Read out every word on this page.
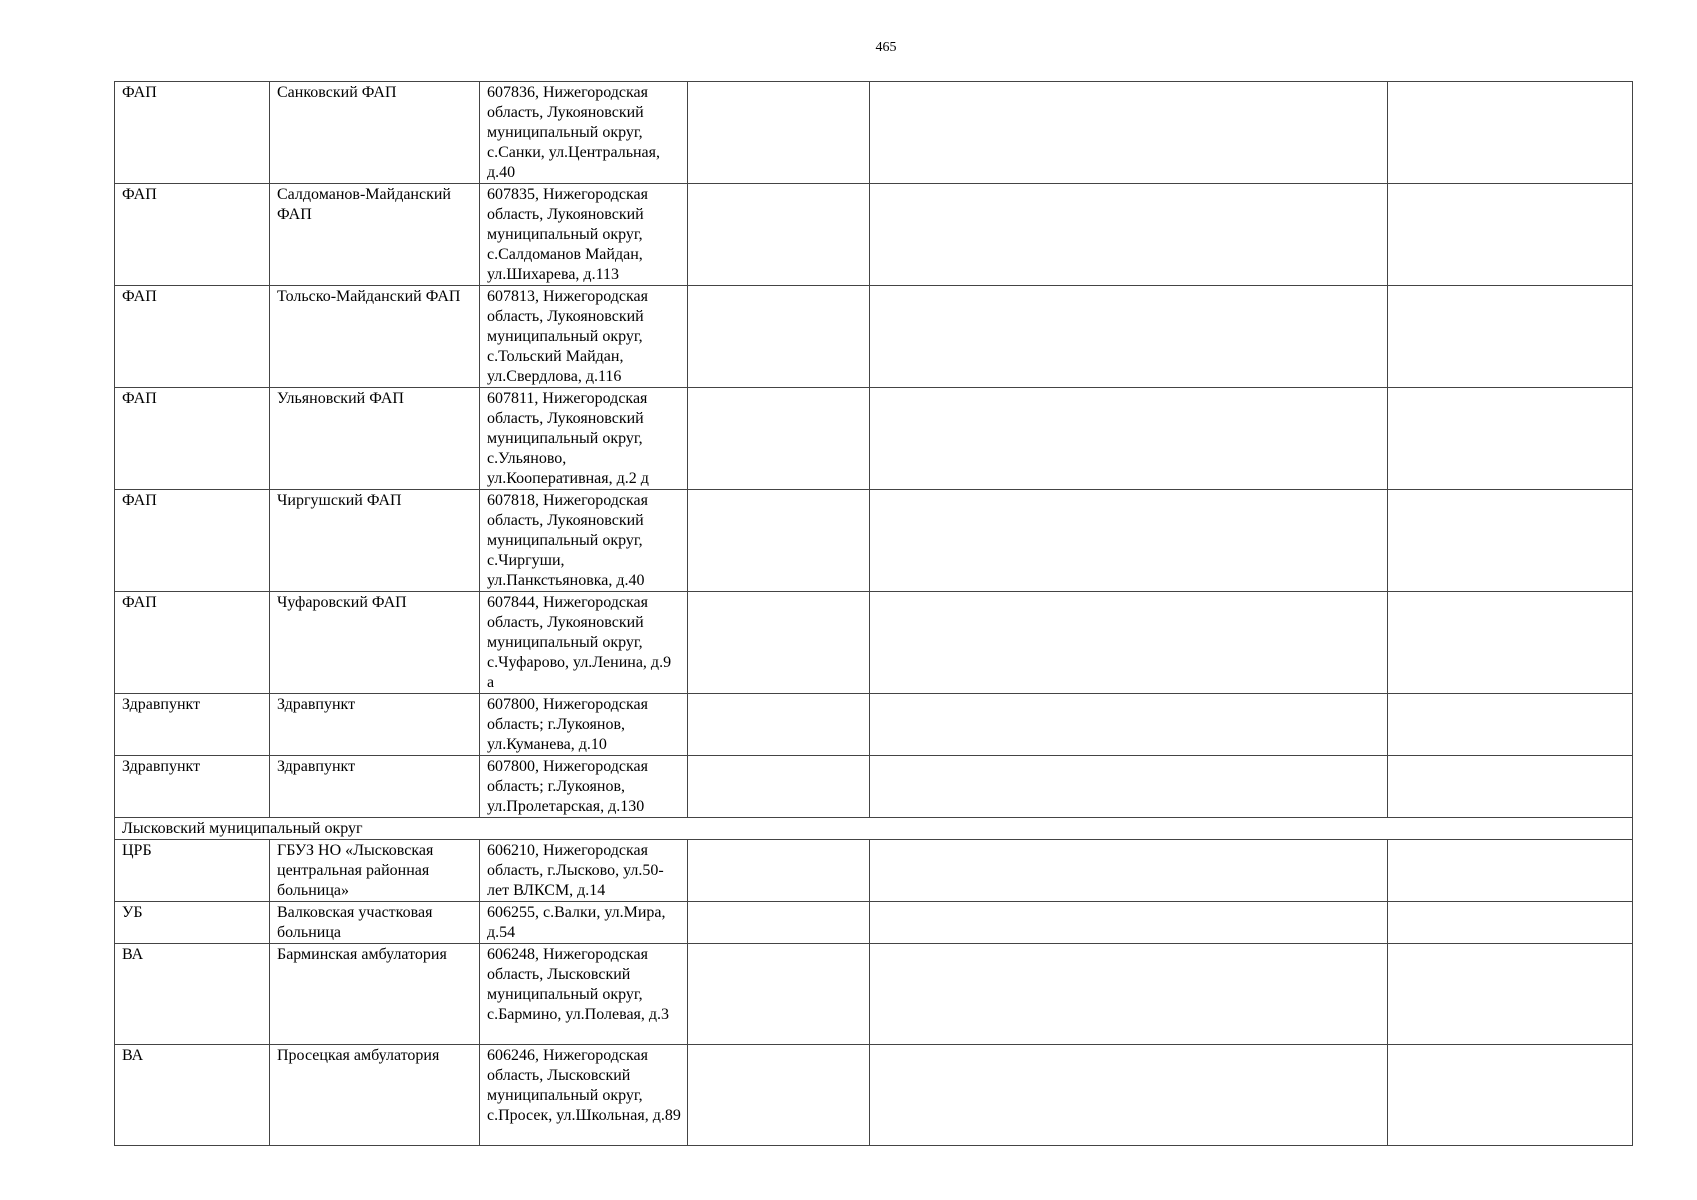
465
ФАП	Санковский ФАП	607836, Нижегородская область, Лукояновский муниципальный округ, с.Санки, ул.Центральная, д.40			
ФАП	Салдоманов-Майданский ФАП	607835, Нижегородская область, Лукояновский муниципальный округ, с.Салдоманов Майдан, ул.Шихарева, д.113			
ФАП	Тольско-Майданский ФАП	607813, Нижегородская область, Лукояновский муниципальный округ, с.Тольский Майдан, ул.Свердлова, д.116			
ФАП	Ульяновский ФАП	607811, Нижегородская область, Лукояновский муниципальный округ, с.Ульяново, ул.Кооперативная, д.2 д			
ФАП	Чиргушский ФАП	607818, Нижегородская область, Лукояновский муниципальный округ, с.Чиргуши, ул.Панкстьяновка, д.40			
ФАП	Чуфаровский ФАП	607844, Нижегородская область, Лукояновский муниципальный округ, с.Чуфарово, ул.Ленина, д.9 а			
Здравпункт	Здравпункт	607800, Нижегородская область; г.Лукоянов, ул.Куманева, д.10			
Здравпункт	Здравпункт	607800, Нижегородская область; г.Лукоянов, ул.Пролетарская, д.130			
Лысковский муниципальный округ					
ЦРБ	ГБУЗ НО «Лысковская центральная районная больница»	606210, Нижегородская область, г.Лысково, ул.50-лет ВЛКСМ, д.14			
УБ	Валковская участковая больница	606255, с.Валки, ул.Мира, д.54			
ВА	Барминская амбулатория	606248, Нижегородская область, Лысковский муниципальный округ, с.Бармино, ул.Полевая, д.3			
ВА	Просецкая амбулатория	606246, Нижегородская область, Лысковский муниципальный округ, с.Просек, ул.Школьная, д.89			
